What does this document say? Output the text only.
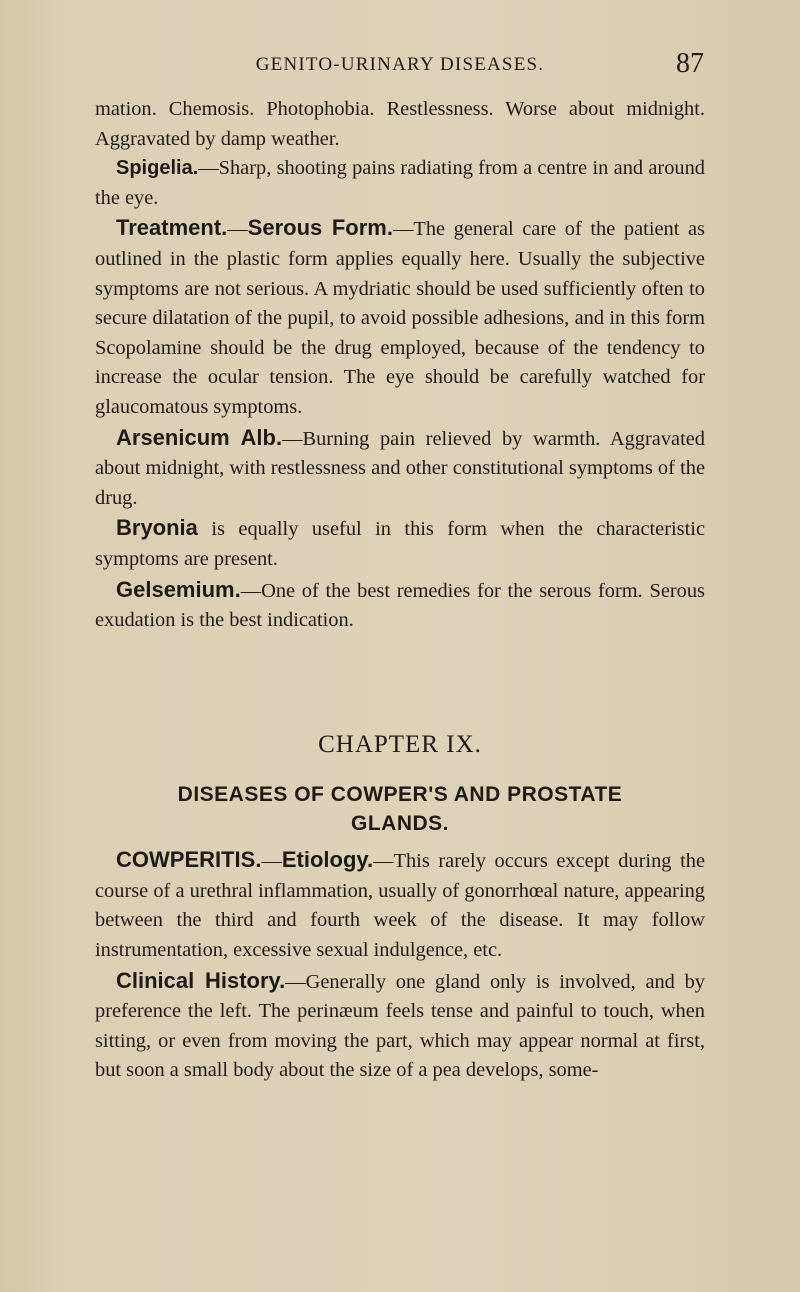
GENITO-URINARY DISEASES.	87

mation. Chemosis. Photophobia. Restlessness. Worse about midnight. Aggravated by damp weather.

Spigelia.—Sharp, shooting pains radiating from a centre in and around the eye.

Treatment.—Serous Form.—The general care of the patient as outlined in the plastic form applies equally here. Usually the subjective symptoms are not serious. A mydriatic should be used sufficiently often to secure dilatation of the pupil, to avoid possible adhesions, and in this form Scopolamine should be the drug employed, because of the tendency to increase the ocular tension. The eye should be carefully watched for glaucomatous symptoms.

Arsenicum Alb.—Burning pain relieved by warmth. Aggravated about midnight, with restlessness and other constitutional symptoms of the drug.

Bryonia is equally useful in this form when the characteristic symptoms are present.

Gelsemium.—One of the best remedies for the serous form. Serous exudation is the best indication.

CHAPTER IX.
DISEASES OF COWPER'S AND PROSTATE
GLANDS.

COWPERITIS.—Etiology.—This rarely occurs except during the course of a urethral inflammation, usually of gonorrhœal nature, appearing between the third and fourth week of the disease. It may follow instrumentation, excessive sexual indulgence, etc.

Clinical History.—Generally one gland only is involved, and by preference the left. The perinæum feels tense and painful to touch, when sitting, or even from moving the part, which may appear normal at first, but soon a small body about the size of a pea develops, some-
